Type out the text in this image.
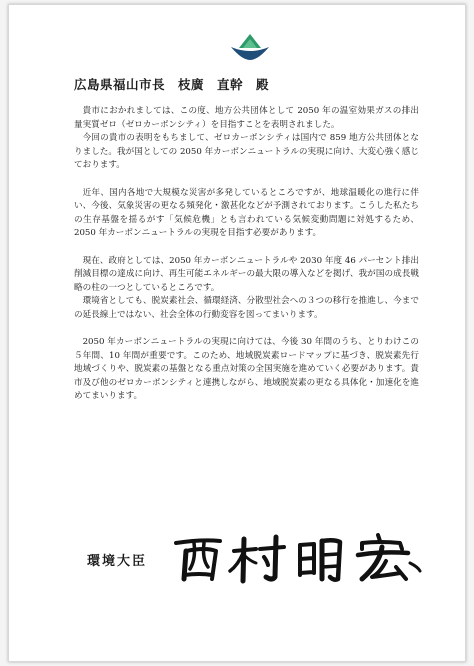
広島県福山市長　枝廣　直幹　殿

貴市におかれましては、この度、地方公共団体として 2050 年の温室効果ガスの排出量実質ゼロ（ゼロカーボンシティ）を目指すことを表明されました。

今回の貴市の表明をもちまして、ゼロカーボンシティは国内で 859 地方公共団体となりました。我が国としての 2050 年カーボンニュートラルの実現に向け、大変心強く感じております。

近年、国内各地で大規模な災害が多発しているところですが、地球温暖化の進行に伴い、今後、気象災害の更なる頻発化・激甚化などが予測されております。こうした私たちの生存基盤を揺るがす「気候危機」とも言われている気候変動問題に対処するため、2050 年カーボンニュートラルの実現を目指す必要があります。

現在、政府としては、2050 年カーボンニュートラルや 2030 年度 46 パーセント排出削減目標の達成に向け、再生可能エネルギーの最大限の導入などを掲げ、我が国の成長戦略の柱の一つとしているところです。

環境省としても、脱炭素社会、循環経済、分散型社会への３つの移行を推進し、今までの延長線上ではない、社会全体の行動変容を図ってまいります。

2050 年カーボンニュートラルの実現に向けては、今後 30 年間のうち、とりわけこの５年間、10 年間が重要です。このため、地域脱炭素ロードマップに基づき、脱炭素先行地域づくりや、脱炭素の基盤となる重点対策の全国実施を進めていく必要があります。貴市及び他のゼロカーボンシティと連携しながら、地域脱炭素の更なる具体化・加速化を進めてまいります。

環境大臣
